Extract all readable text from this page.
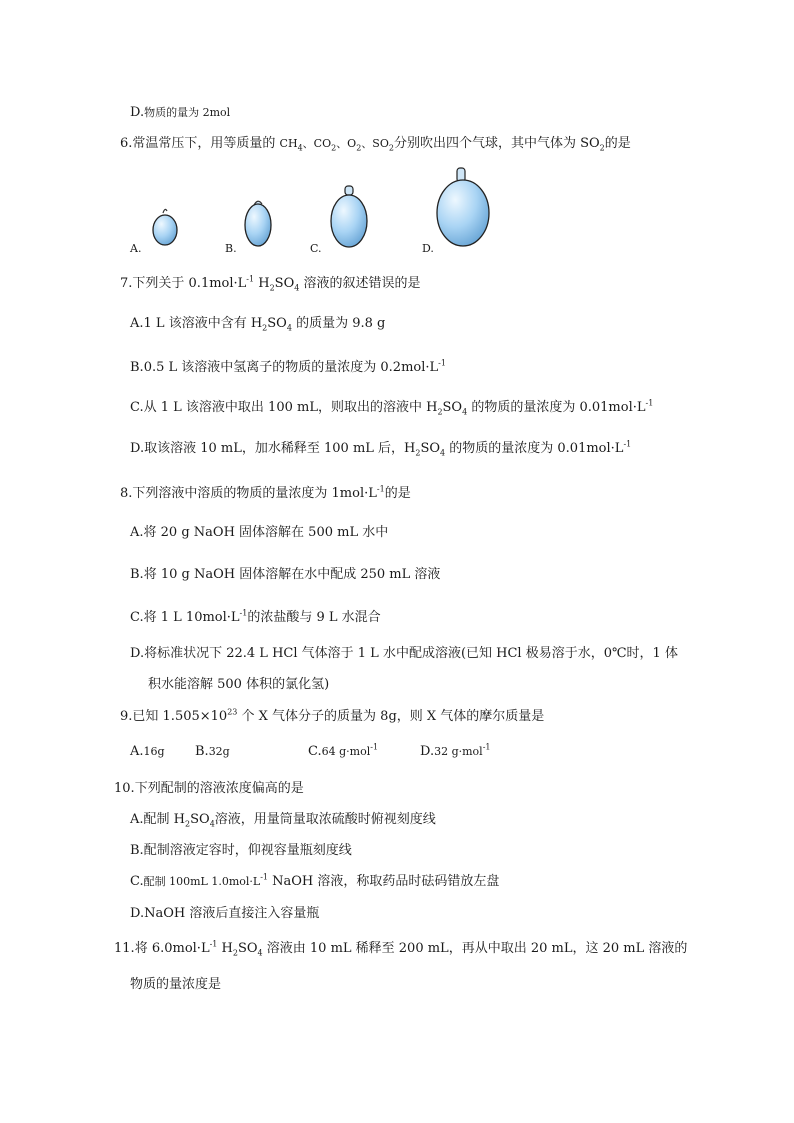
D.物质的量为 2mol
6.常温常压下，用等质量的 $CH_4$、$CO_2$、$O_2$、$SO_2$分别吹出四个气球，其中气体为 $SO_2$的是
A.	B.	C.	D.
7.下列关于 $0.1mol\cdot L^{-1}$ $H_2SO_4$ 溶液的叙述错误的是
A.1 L 该溶液中含有 $H_2SO_4$ 的质量为 9.8 g
B.0.5 L 该溶液中氢离子的物质的量浓度为 $0.2mol\cdot L^{-1}$
C.从 1 L 该溶液中取出 100 mL，则取出的溶液中 $H_2SO_4$ 的物质的量浓度为 $0.01mol\cdot L^{-1}$
D.取该溶液 10 mL，加水稀释至 100 mL 后，$H_2SO_4$ 的物质的量浓度为 $0.01mol\cdot L^{-1}$
8.下列溶液中溶质的物质的量浓度为 $1mol\cdot L^{-1}$的是
A.将 20 g NaOH 固体溶解在 500 mL 水中
B.将 10 g NaOH 固体溶解在水中配成 250 mL 溶液
C.将 1 L $10mol\cdot L^{-1}$的浓盐酸与 9 L 水混合
D.将标准状况下 22.4 L HCl 气体溶于 1 L 水中配成溶液(已知 HCl 极易溶于水，0℃时，1 体
积水能溶解 500 体积的氯化氢)
9.已知 $1.505\times 10^{23}$ 个 X 气体分子的质量为 8g，则 X 气体的摩尔质量是
A.16g B.32g	C.64 g·mol$^{-1}$	D.32 g·mol$^{-1}$
10.下列配制的溶液浓度偏高的是
A.配制 $H_2SO_4$溶液，用量筒量取浓硫酸时俯视刻度线
B.配制溶液定容时，仰视容量瓶刻度线
C.配制 100mL $1.0mol\cdot L^{-1}$ NaOH 溶液，称取药品时砝码错放左盘
D.NaOH 溶液后直接注入容量瓶
11.将 $6.0mol\cdot L^{-1}$ $H_2SO_4$ 溶液由 10 mL 稀释至 200 mL，再从中取出 20 mL，这 20 mL 溶液的
物质的量浓度是
